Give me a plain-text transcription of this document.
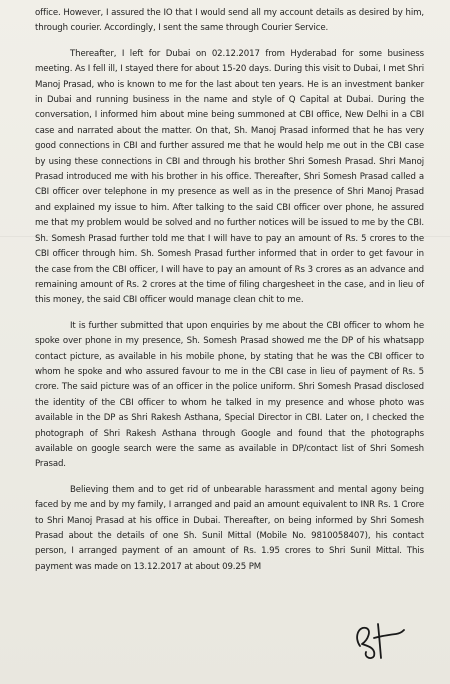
office. However, I assured the IO that I would send all my account details as desired by him, through courier. Accordingly, I sent the same through Courier Service.

Thereafter, I left for Dubai on 02.12.2017 from Hyderabad for some business meeting. As I fell ill, I stayed there for about 15-20 days. During this visit to Dubai, I met Shri Manoj Prasad, who is known to me for the last about ten years. He is an investment banker in Dubai and running business in the name and style of Q Capital at Dubai. During the conversation, I informed him about mine being summoned at CBI office, New Delhi in a CBI case and narrated about the matter. On that, Sh. Manoj Prasad informed that he has very good connections in CBI and further assured me that he would help me out in the CBI case by using these connections in CBI and through his brother Shri Somesh Prasad. Shri Manoj Prasad introduced me with his brother in his office. Thereafter, Shri Somesh Prasad called a CBI officer over telephone in my presence as well as in the presence of Shri Manoj Prasad and explained my issue to him. After talking to the said CBI officer over phone, he assured me that my problem would be solved and no further notices will be issued to me by the CBI. Sh. Somesh Prasad further told me that I will have to pay an amount of Rs. 5 crores to the CBI officer through him. Sh. Somesh Prasad further informed that in order to get favour in the case from the CBI officer, I will have to pay an amount of Rs 3 crores as an advance and remaining amount of Rs. 2 crores at the time of filing chargesheet in the case, and in lieu of this money, the said CBI officer would manage clean chit to me.

It is further submitted that upon enquiries by me about the CBI officer to whom he spoke over phone in my presence, Sh. Somesh Prasad showed me the DP of his whatsapp contact picture, as available in his mobile phone, by stating that he was the CBI officer to whom he spoke and who assured favour to me in the CBI case in lieu of payment of Rs. 5 crore. The said picture was of an officer in the police uniform. Shri Somesh Prasad disclosed the identity of the CBI officer to whom he talked in my presence and whose photo was available in the DP as Shri Rakesh Asthana, Special Director in CBI. Later on, I checked the photograph of Shri Rakesh Asthana through Google and found that the photographs available on google search were the same as available in DP/contact list of Shri Somesh Prasad.

Believing them and to get rid of unbearable harassment and mental agony being faced by me and by my family, I arranged and paid an amount equivalent to INR Rs. 1 Crore to Shri Manoj Prasad at his office in Dubai. Thereafter, on being informed by Shri Somesh Prasad about the details of one Sh. Sunil Mittal (Mobile No. 9810058407), his contact person, I arranged payment of an amount of Rs. 1.95 crores to Shri Sunil Mittal. This payment was made on 13.12.2017 at about 09.25 PM
